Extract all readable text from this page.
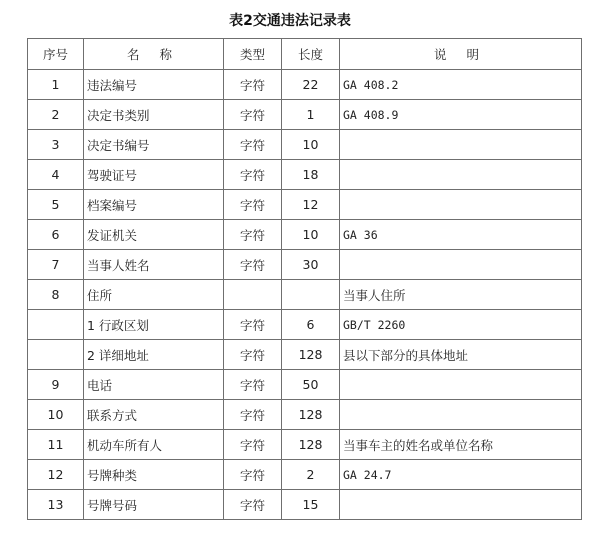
表2交通违法记录表
序号	名 称	类型	长度	说 明
1	违法编号	字符	22	GA 408.2
2	决定书类别	字符	1	GA 408.9
3	决定书编号	字符	10	
4	驾驶证号	字符	18	
5	档案编号	字符	12	
6	发证机关	字符	10	GA 36
7	当事人姓名	字符	30	
8	住所			当事人住所
	1 行政区划	字符	6	GB/T 2260
	2 详细地址	字符	128	县以下部分的具体地址
9	电话	字符	50	
10	联系方式	字符	128	
11	机动车所有人	字符	128	当事车主的姓名或单位名称
12	号牌种类	字符	2	GA 24.7
13	号牌号码	字符	15	
